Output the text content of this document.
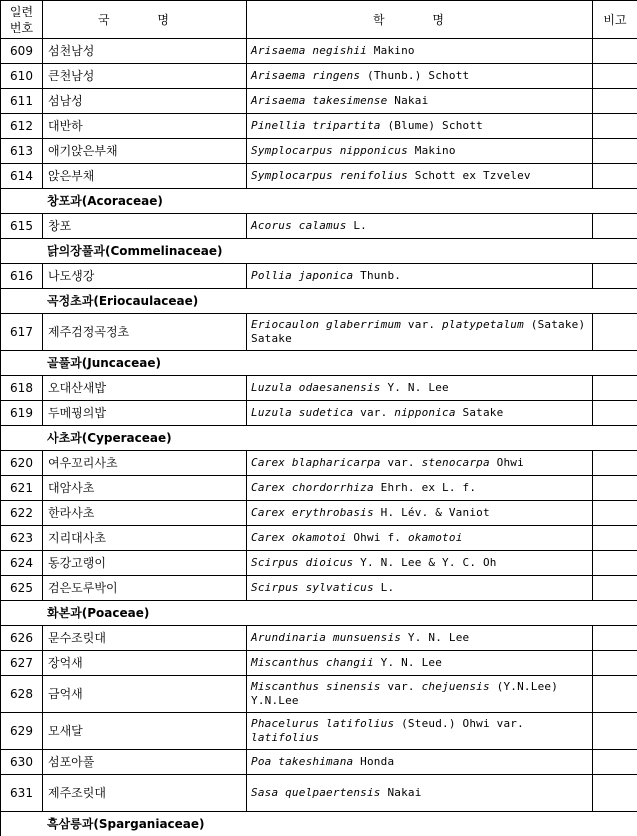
일련
번호	국 명	학 명	비고
609	섬천남성	Arisaema negishii Makino	
610	큰천남성	Arisaema ringens (Thunb.) Schott	
611	섬남성	Arisaema takesimense Nakai	
612	대반하	Pinellia tripartita (Blume) Schott	
613	애기앉은부채	Symplocarpus nipponicus Makino	
614	앉은부채	Symplocarpus renifolius Schott ex Tzvelev	
창포과(Acoraceae)			
615	창포	Acorus calamus L.	
닭의장풀과(Commelinaceae)			
616	나도생강	Pollia japonica Thunb.	
곡정초과(Eriocaulaceae)			
617	제주검정곡정초	Eriocaulon glaberrimum var. platypetalum (Satake)
Satake	
골풀과(Juncaceae)			
618	오대산새밥	Luzula odaesanensis Y. N. Lee	
619	두메꿩의밥	Luzula sudetica var. nipponica Satake	
사초과(Cyperaceae)			
620	여우꼬리사초	Carex blapharicarpa var. stenocarpa Ohwi	
621	대암사초	Carex chordorrhiza Ehrh. ex L. f.	
622	한라사초	Carex erythrobasis H. Lév. & Vaniot	
623	지리대사초	Carex okamotoi Ohwi f. okamotoi	
624	동강고랭이	Scirpus dioicus Y. N. Lee & Y. C. Oh	
625	검은도루박이	Scirpus sylvaticus L.	
화본과(Poaceae)			
626	문수조릿대	Arundinaria munsuensis Y. N. Lee	
627	장억새	Miscanthus changii Y. N. Lee	
628	금억새	Miscanthus sinensis var. chejuensis (Y.N.Lee)
Y.N.Lee	
629	모새달	Phacelurus latifolius (Steud.) Ohwi var.
latifolius	
630	섬포아풀	Poa takeshimana Honda	
631	제주조릿대	Sasa quelpaertensis Nakai	
흑삼릉과(Sparganiaceae)			
